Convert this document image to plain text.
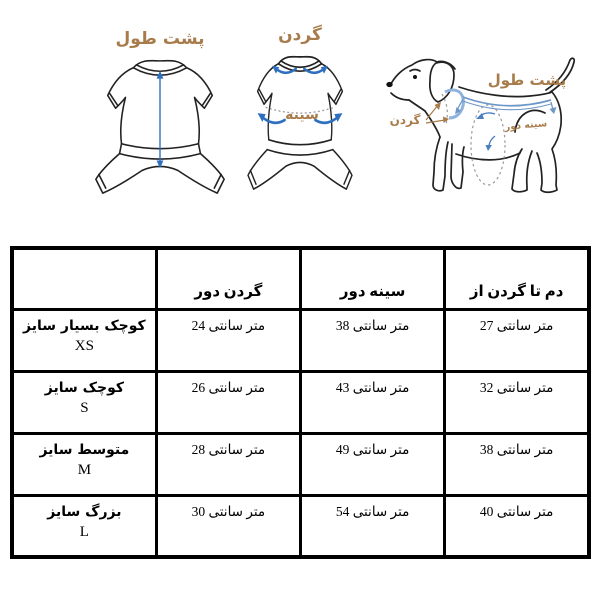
طول پشت	گردن
سینه
طول پشت
گردن	دور سینه
	دور گردن	دور سینه	از گردن تا دم

سایز بسیار کوچک
XS	24 سانتی متر	38 سانتی متر	27 سانتی متر

سایز کوچک
S	26 سانتی متر	43 سانتی متر	32 سانتی متر

سایز متوسط
M	28 سانتی متر	49 سانتی متر	38 سانتی متر

سایز بزرگ
L	30 سانتی متر	54 سانتی متر	40 سانتی متر
